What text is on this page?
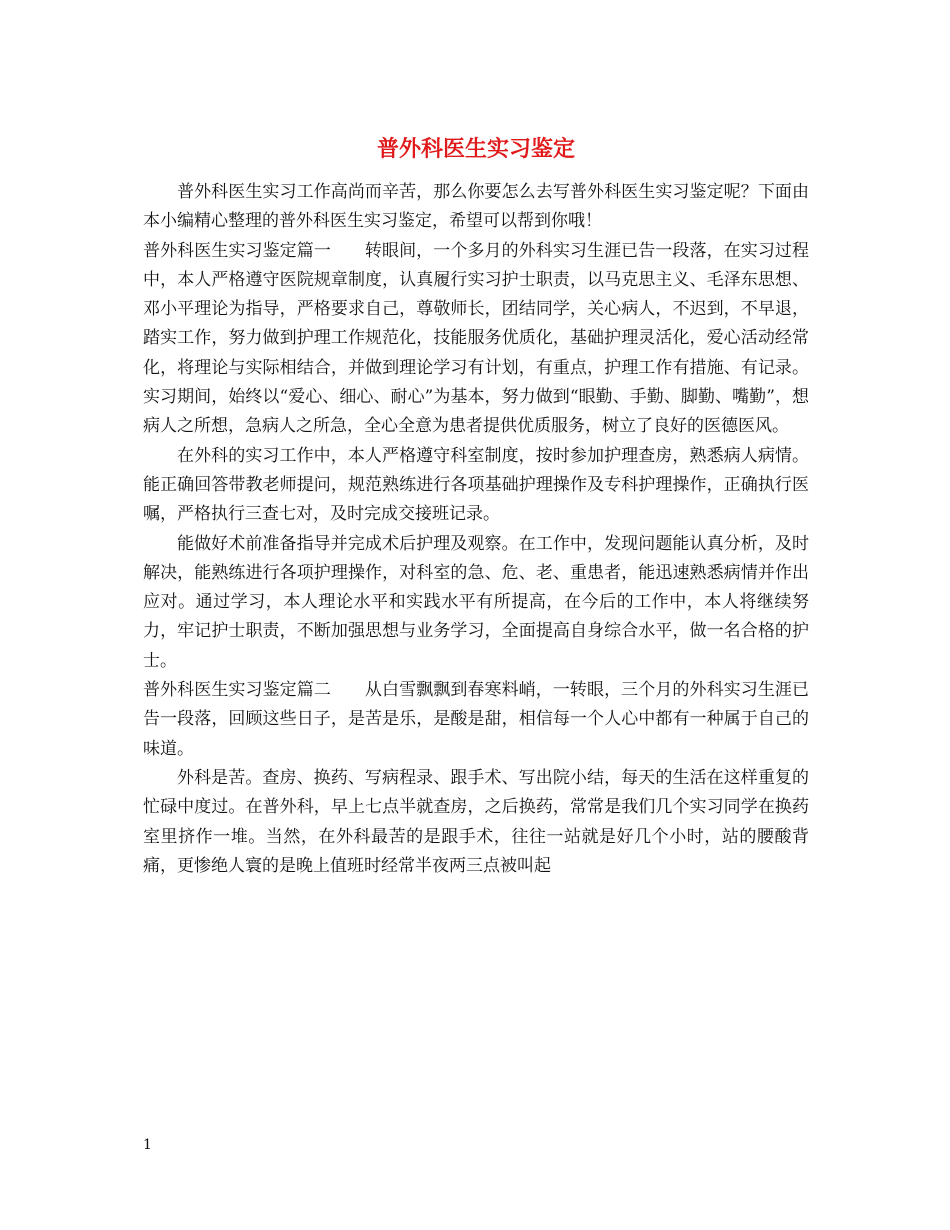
普外科医生实习鉴定

普外科医生实习工作高尚而辛苦，那么你要怎么去写普外科医生实习鉴定呢？下面由本小编精心整理的普外科医生实习鉴定，希望可以帮到你哦！

普外科医生实习鉴定篇一 转眼间，一个多月的外科实习生涯已告一段落，在实习过程中，本人严格遵守医院规章制度，认真履行实习护士职责，以马克思主义、毛泽东思想、邓小平理论为指导，严格要求自己，尊敬师长，团结同学，关心病人，不迟到，不早退，踏实工作，努力做到护理工作规范化，技能服务优质化，基础护理灵活化，爱心活动经常化，将理论与实际相结合，并做到理论学习有计划，有重点，护理工作有措施、有记录。实习期间，始终以“爱心、细心、耐心”为基本，努力做到“眼勤、手勤、脚勤、嘴勤”，想病人之所想，急病人之所急，全心全意为患者提供优质服务，树立了良好的医德医风。

在外科的实习工作中，本人严格遵守科室制度，按时参加护理查房，熟悉病人病情。能正确回答带教老师提问，规范熟练进行各项基础护理操作及专科护理操作，正确执行医嘱，严格执行三查七对，及时完成交接班记录。

能做好术前准备指导并完成术后护理及观察。在工作中，发现问题能认真分析，及时解决，能熟练进行各项护理操作，对科室的急、危、老、重患者，能迅速熟悉病情并作出应对。通过学习，本人理论水平和实践水平有所提高，在今后的工作中，本人将继续努力，牢记护士职责，不断加强思想与业务学习，全面提高自身综合水平，做一名合格的护士。

普外科医生实习鉴定篇二 从白雪飘飘到春寒料峭，一转眼，三个月的外科实习生涯已告一段落，回顾这些日子，是苦是乐，是酸是甜，相信每一个人心中都有一种属于自己的味道。

外科是苦。查房、换药、写病程录、跟手术、写出院小结，每天的生活在这样重复的忙碌中度过。在普外科，早上七点半就查房，之后换药，常常是我们几个实习同学在换药室里挤作一堆。当然，在外科最苦的是跟手术，往往一站就是好几个小时，站的腰酸背痛，更惨绝人寰的是晚上值班时经常半夜两三点被叫起

1
